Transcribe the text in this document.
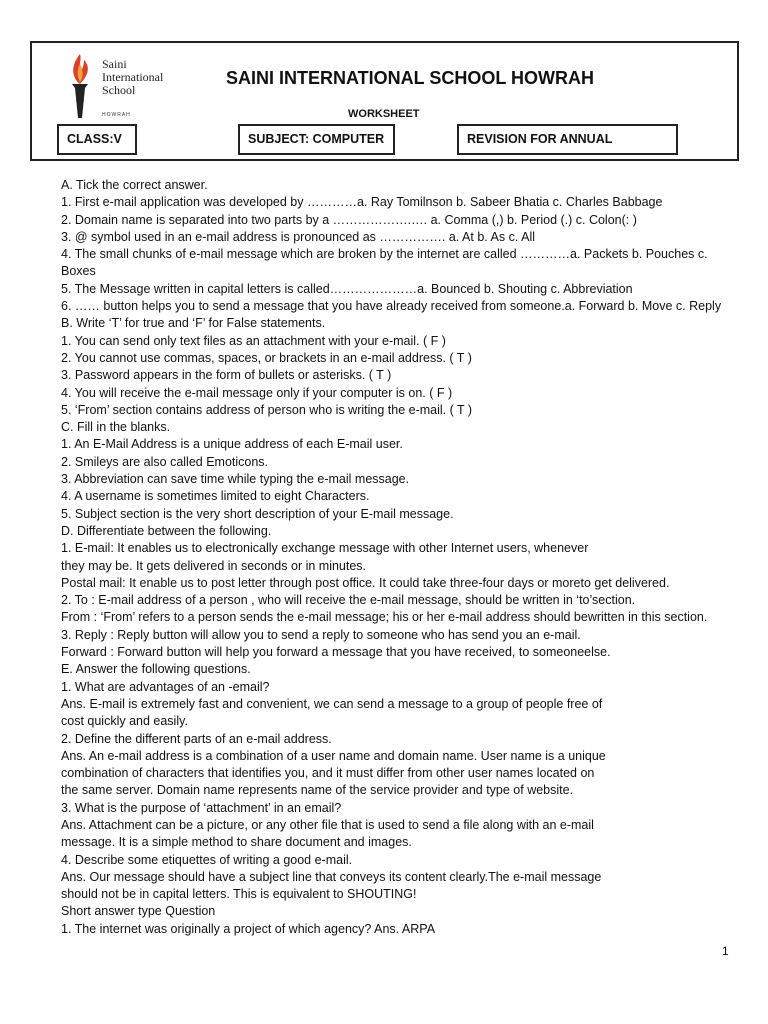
Saini
International
School
HOWRAH
SAINI INTERNATIONAL SCHOOL HOWRAH
WORKSHEET
CLASS:V	SUBJECT: COMPUTER	REVISION FOR ANNUAL
A. Tick the correct answer.
1. First e-mail application was developed by …………a. Ray Tomilnson b. Sabeer Bhatia c. Charles Babbage
2. Domain name is separated into two parts by a ……………….…. a. Comma (,) b. Period (.) c. Colon(: )
3. @ symbol used in an e-mail address is pronounced as ……………. a. At b. As c. All
4. The small chunks of e-mail message which are broken by the internet are called …………a. Packets b. Pouches c.
Boxes
5. The Message written in capital letters is called…………………a. Bounced b. Shouting c. Abbreviation
6. …… button helps you to send a message that you have already received from someone.a. Forward b. Move c. Reply
B. Write ‘T’ for true and ‘F’ for False statements.
1. You can send only text files as an attachment with your e-mail. ( F )
2. You cannot use commas, spaces, or brackets in an e-mail address. ( T )
3. Password appears in the form of bullets or asterisks. ( T )
4. You will receive the e-mail message only if your computer is on. ( F )
5. ‘From’ section contains address of person who is writing the e-mail. ( T )
C. Fill in the blanks.
1. An E-Mail Address is a unique address of each E-mail user.
2. Smileys are also called Emoticons.
3. Abbreviation can save time while typing the e-mail message.
4. A username is sometimes limited to eight Characters.
5. Subject section is the very short description of your E-mail message.
D. Differentiate between the following.
1. E-mail: It enables us to electronically exchange message with other Internet users, whenever
they may be. It gets delivered in seconds or in minutes.
Postal mail: It enable us to post letter through post office. It could take three-four days or moreto get delivered.
2. To : E-mail address of a person , who will receive the e-mail message, should be written in ‘to’section.
From : ‘From’ refers to a person sends the e-mail message; his or her e-mail address should bewritten in this section.
3. Reply : Reply button will allow you to send a reply to someone who has send you an e-mail.
Forward : Forward button will help you forward a message that you have received, to someoneelse.
E. Answer the following questions.
1. What are advantages of an -email?
Ans. E-mail is extremely fast and convenient, we can send a message to a group of people free of
cost quickly and easily.
2. Define the different parts of an e-mail address.
Ans. An e-mail address is a combination of a user name and domain name. User name is a unique
combination of characters that identifies you, and it must differ from other user names located on
the same server. Domain name represents name of the service provider and type of website.
3. What is the purpose of ‘attachment’ in an email?
Ans. Attachment can be a picture, or any other file that is used to send a file along with an e-mail
message. It is a simple method to share document and images.
4. Describe some etiquettes of writing a good e-mail.
Ans. Our message should have a subject line that conveys its content clearly.The e-mail message
should not be in capital letters. This is equivalent to SHOUTING!
Short answer type Question
1. The internet was originally a project of which agency? Ans. ARPA
1
